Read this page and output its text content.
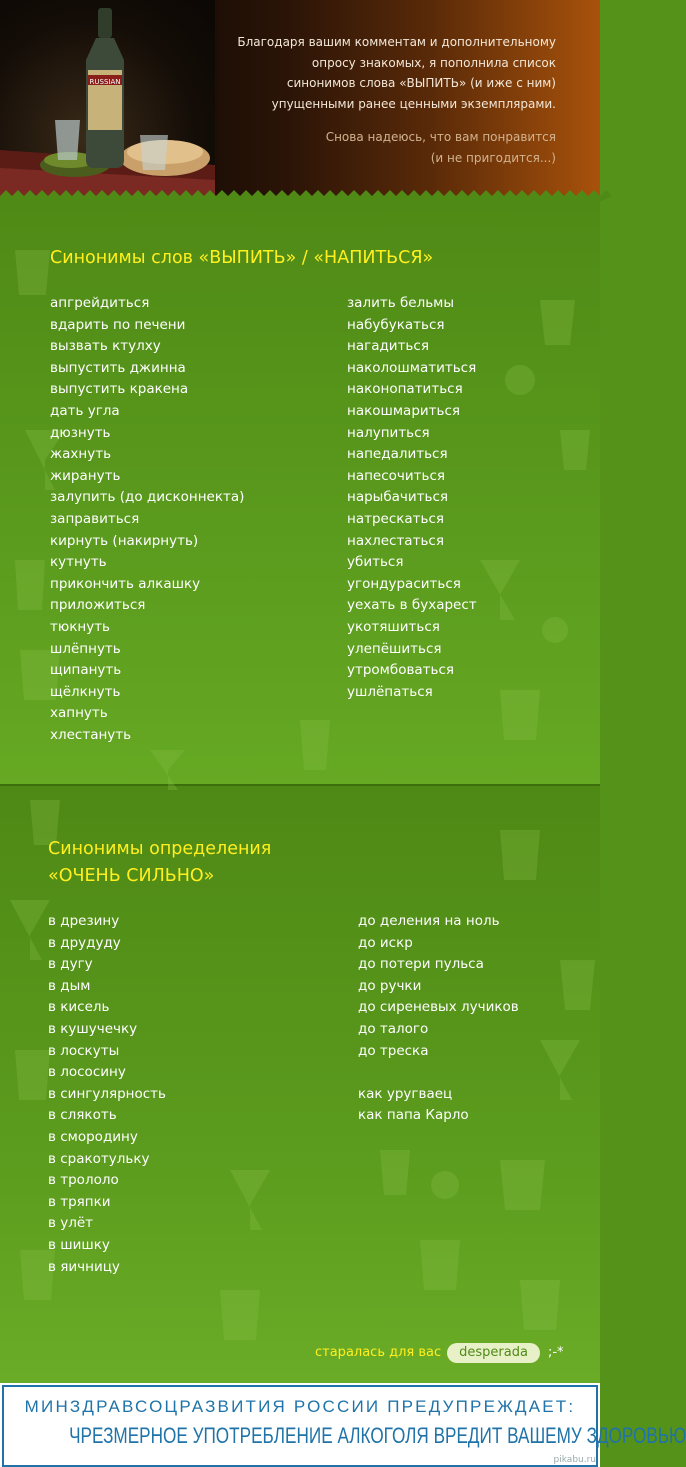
RUSSIAN

Благодаря вашим комментам и дополнительному

опросу знакомых, я пополнила список

синонимов слова «ВЫПИТЬ» (и иже с ним)

упущенными ранее ценными экземплярами.

Снова надеюсь, что вам понравится

(и не пригодится...)

Синонимы слов «ВЫПИТЬ» / «НАПИТЬСЯ»
апгрейдиться
вдарить по печени
вызвать ктулху
выпустить джинна
выпустить кракена
дать угла
дюзнуть
жахнуть
жирануть
залупить (до дисконнекта)
заправиться
кирнуть (накирнуть)
кутнуть
прикончить алкашку
приложиться
тюкнуть
шлёпнуть
щипануть
щёлкнуть
хапнуть
хлестануть
залить бельмы
набубукаться
нагадиться
наколошматиться
наконопатиться
накошмариться
налупиться
напедалиться
напесочиться
нарыбачиться
натрескаться
нахлестаться
убиться
угондураситься
уехать в бухарест
укотяшиться
улепёшиться
утромбоваться
ушлёпаться
Синонимы определения
«ОЧЕНЬ СИЛЬНО»
в дрезину
в друдуду
в дугу
в дым
в кисель
в кушучечку
в лоскуты
в лососину
в сингулярность
в слякоть
в смородину
в сракотульку
в трололо
в тряпки
в улёт
в шишку
в яичницу
до деления на ноль
до искр
до потери пульса
до ручки
до сиреневых лучиков
до талого
до треска
как уругваец
как папа Карло
старалась для вас desperada ;-*
МИНЗДРАВСОЦРАЗВИТИЯ РОССИИ ПРЕДУПРЕЖДАЕТ:
ЧРЕЗМЕРНОЕ УПОТРЕБЛЕНИЕ АЛКОГОЛЯ ВРЕДИТ ВАШЕМУ ЗДОРОВЬЮ
pikabu.ru
